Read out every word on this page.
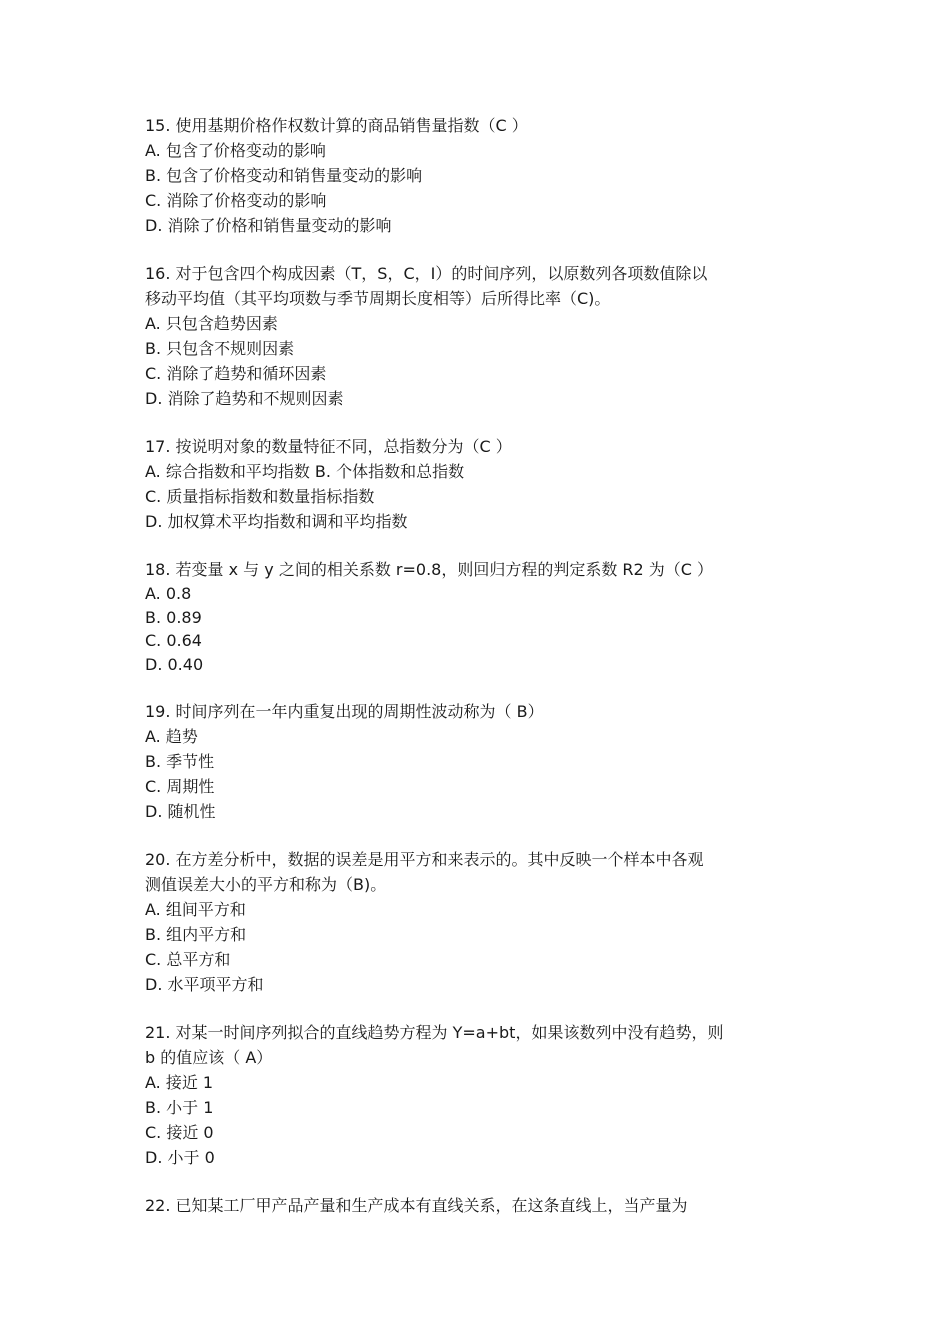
15. 使用基期价格作权数计算的商品销售量指数（C ）
A. 包含了价格变动的影响
B. 包含了价格变动和销售量变动的影响
C. 消除了价格变动的影响
D. 消除了价格和销售量变动的影响
16. 对于包含四个构成因素（T，S，C，I）的时间序列，以原数列各项数值除以
移动平均值（其平均项数与季节周期长度相等）后所得比率（C)。
A. 只包含趋势因素
B. 只包含不规则因素
C. 消除了趋势和循环因素
D. 消除了趋势和不规则因素
17. 按说明对象的数量特征不同，总指数分为（C ）
A. 综合指数和平均指数 B. 个体指数和总指数
C. 质量指标指数和数量指标指数
D. 加权算术平均指数和调和平均指数
18. 若变量 x 与 y 之间的相关系数 r=0.8，则回归方程的判定系数 R2 为（C ）
A. 0.8
B. 0.89
C. 0.64
D. 0.40
19. 时间序列在一年内重复出现的周期性波动称为（ B）
A. 趋势
B. 季节性
C. 周期性
D. 随机性
20. 在方差分析中，数据的误差是用平方和来表示的。其中反映一个样本中各观
测值误差大小的平方和称为（B)。
A. 组间平方和
B. 组内平方和
C. 总平方和
D. 水平项平方和
21. 对某一时间序列拟合的直线趋势方程为 Y=a+bt，如果该数列中没有趋势，则
b 的值应该（ A）
A. 接近 1
B. 小于 1
C. 接近 0
D. 小于 0
22. 已知某工厂甲产品产量和生产成本有直线关系，在这条直线上，当产量为
